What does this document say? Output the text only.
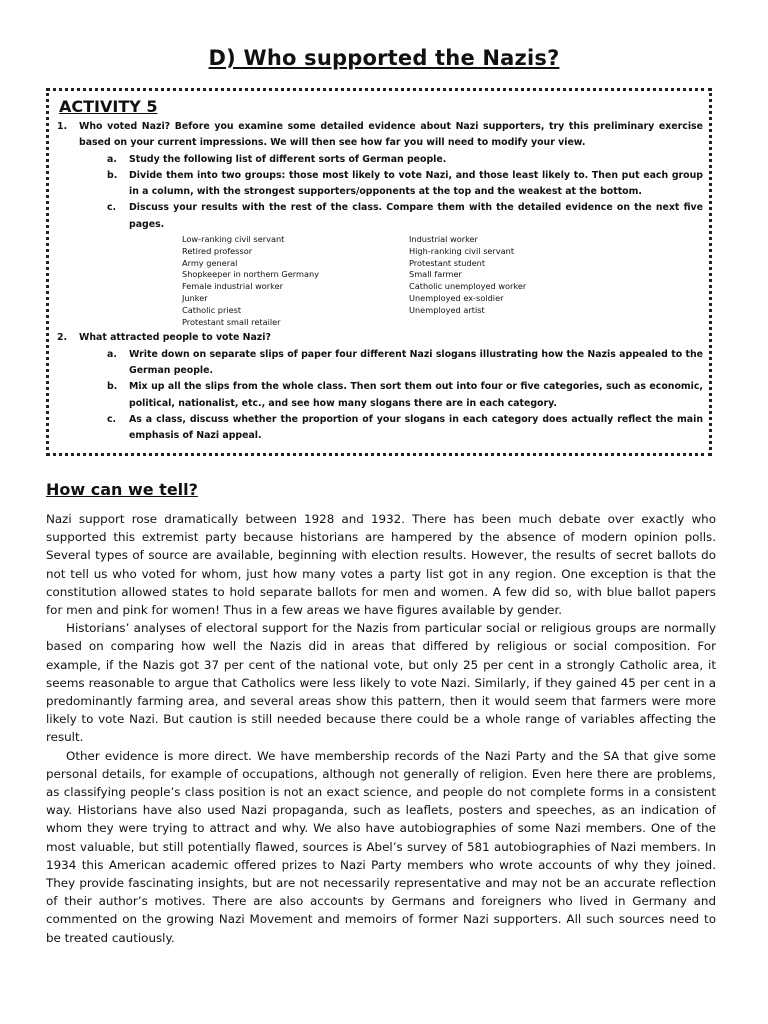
D) Who supported the Nazis?
ACTIVITY 5
1.	Who voted Nazi? Before you examine some detailed evidence about Nazi supporters, try this preliminary exercise based on your current impressions. We will then see how far you will need to modify your view.
a.	Study the following list of different sorts of German people.
b.	Divide them into two groups: those most likely to vote Nazi, and those least likely to. Then put each group in a column, with the strongest supporters/opponents at the top and the weakest at the bottom.
c.	Discuss your results with the rest of the class. Compare them with the detailed evidence on the next five pages.
Low-ranking civil servant
Retired professor
Army general
Shopkeeper in northern Germany
Female industrial worker
Junker
Catholic priest
Protestant small retailer
Industrial worker
High-ranking civil servant
Protestant student
Small farmer
Catholic unemployed worker
Unemployed ex-soldier
Unemployed artist
2.	What attracted people to vote Nazi?
a.	Write down on separate slips of paper four different Nazi slogans illustrating how the Nazis appealed to the German people.
b.	Mix up all the slips from the whole class. Then sort them out into four or five categories, such as economic, political, nationalist, etc., and see how many slogans there are in each category.
c.	As a class, discuss whether the proportion of your slogans in each category does actually reflect the main emphasis of Nazi appeal.
How can we tell?

Nazi support rose dramatically between 1928 and 1932. There has been much debate over exactly who supported this extremist party because historians are hampered by the absence of modern opinion polls. Several types of source are available, beginning with election results. However, the results of secret ballots do not tell us who voted for whom, just how many votes a party list got in any region. One exception is that the constitution allowed states to hold separate ballots for men and women. A few did so, with blue ballot papers for men and pink for women! Thus in a few areas we have figures available by gender.

Historians’ analyses of electoral support for the Nazis from particular social or religious groups are normally based on comparing how well the Nazis did in areas that differed by religious or social composition. For example, if the Nazis got 37 per cent of the national vote, but only 25 per cent in a strongly Catholic area, it seems reasonable to argue that Catholics were less likely to vote Nazi. Similarly, if they gained 45 per cent in a predominantly farming area, and several areas show this pattern, then it would seem that farmers were more likely to vote Nazi. But caution is still needed because there could be a whole range of variables affecting the result.

Other evidence is more direct. We have membership records of the Nazi Party and the SA that give some personal details, for example of occupations, although not generally of religion. Even here there are problems, as classifying people’s class position is not an exact science, and people do not complete forms in a consistent way. Historians have also used Nazi propaganda, such as leaflets, posters and speeches, as an indication of whom they were trying to attract and why. We also have autobiographies of some Nazi members. One of the most valuable, but still potentially flawed, sources is Abel’s survey of 581 autobiographies of Nazi members. In 1934 this American academic offered prizes to Nazi Party members who wrote accounts of why they joined. They provide fascinating insights, but are not necessarily representative and may not be an accurate reflection of their author’s motives. There are also accounts by Germans and foreigners who lived in Germany and commented on the growing Nazi Movement and memoirs of former Nazi supporters. All such sources need to be treated cautiously.
